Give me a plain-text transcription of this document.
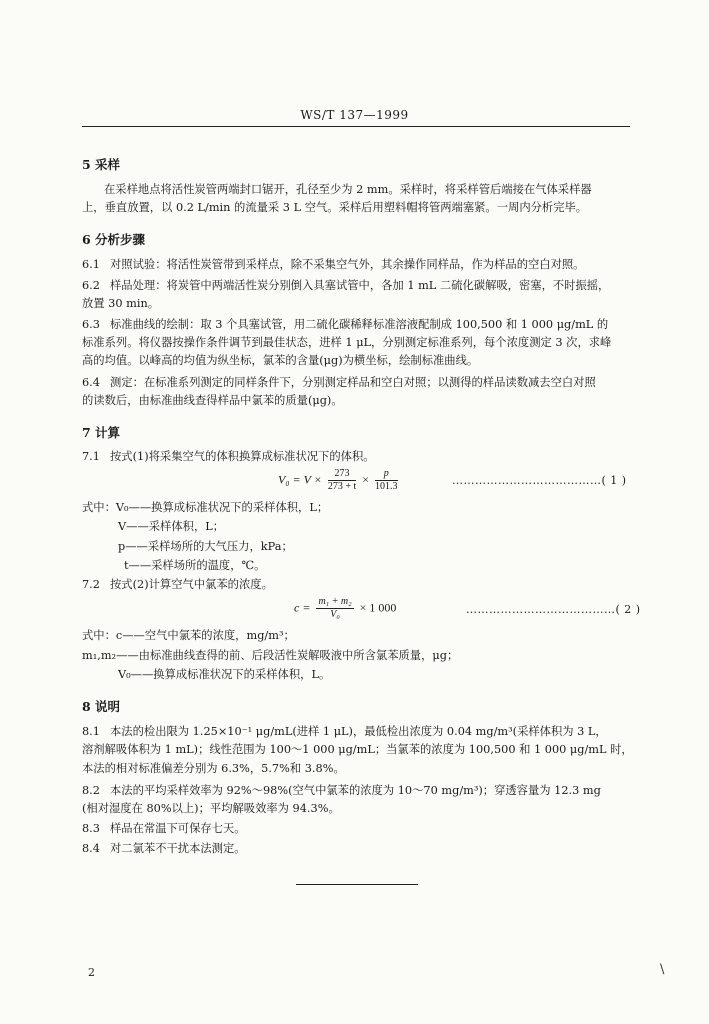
WS/T 137—1999
5 采样
在采样地点将活性炭管两端封口锯开，孔径至少为 2 mm。采样时，将采样管后端接在气体采样器
上，垂直放置，以 0.2 L/min 的流量采 3 L 空气。采样后用塑料帽将管两端塞紧。一周内分析完毕。
6 分析步骤
6.1 对照试验：将活性炭管带到采样点，除不采集空气外，其余操作同样品，作为样品的空白对照。
6.2 样品处理：将炭管中两端活性炭分别倒入具塞试管中，各加 1 mL 二硫化碳解吸，密塞，不时振摇，
放置 30 min。
6.3 标准曲线的绘制：取 3 个具塞试管，用二硫化碳稀释标准溶液配制成 100,500 和 1 000 μg/mL 的
标准系列。将仪器按操作条件调节到最佳状态，进样 1 μL，分别测定标准系列，每个浓度测定 3 次，求峰
高的均值。以峰高的均值为纵坐标，氯苯的含量(μg)为横坐标，绘制标准曲线。
6.4 测定：在标准系列测定的同样条件下，分别测定样品和空白对照；以测得的样品读数减去空白对照
的读数后，由标准曲线查得样品中氯苯的质量(μg)。
7 计算
7.1 按式(1)将采集空气的体积换算成标准状况下的体积。
$V_0 = V \times \frac{273}{273 + t} \times \frac{p}{101.3}$	…………………………………( 1 )
式中：V₀——换算成标准状况下的采样体积，L；
V——采样体积，L；
p——采样场所的大气压力，kPa；
t——采样场所的温度，℃。
7.2 按式(2)计算空气中氯苯的浓度。
$c = \frac{\text{m₁ + m₂}}{\text{V₀}} \times 1$ 000	…………………………………( 2 )
式中：c——空气中氯苯的浓度，mg/m³；
m₁,m₂——由标准曲线查得的前、后段活性炭解吸液中所含氯苯质量，μg；
V₀——换算成标准状况下的采样体积，L。
8 说明
8.1 本法的检出限为 1.25×10⁻¹ μg/mL(进样 1 μL)，最低检出浓度为 0.04 mg/m³(采样体积为 3 L，
溶剂解吸体积为 1 mL)；线性范围为 100～1 000 μg/mL；当氯苯的浓度为 100,500 和 1 000 μg/mL 时，
本法的相对标准偏差分别为 6.3%，5.7%和 3.8%。
8.2 本法的平均采样效率为 92%～98%(空气中氯苯的浓度为 10～70 mg/m³)；穿透容量为 12.3 mg
(相对湿度在 80%以上)；平均解吸效率为 94.3%。
8.3 样品在常温下可保存七天。
8.4 对二氯苯不干扰本法测定。
2	\
